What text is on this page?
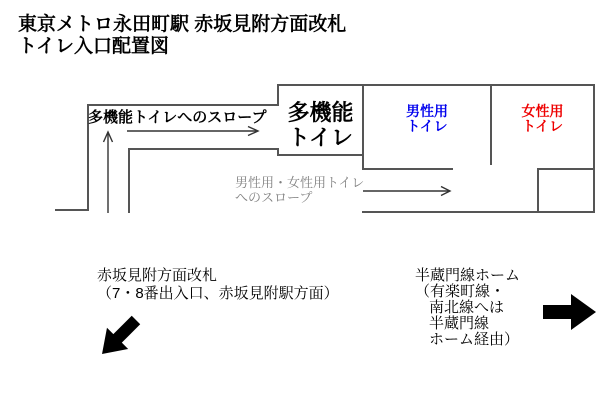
東京メトロ永田町駅 赤坂見附方面改札
トイレ入口配置図
多機能トイレへのスロープ 多機能
トイレ
男性用
トイレ
女性用
トイレ
男性用・女性用トイレ
へのスロープ
赤坂見附方面改札
（7・8番出入口、赤坂見附駅方面）
半蔵門線ホーム
（有楽町線・
南北線へは
半蔵門線
ホーム経由）
